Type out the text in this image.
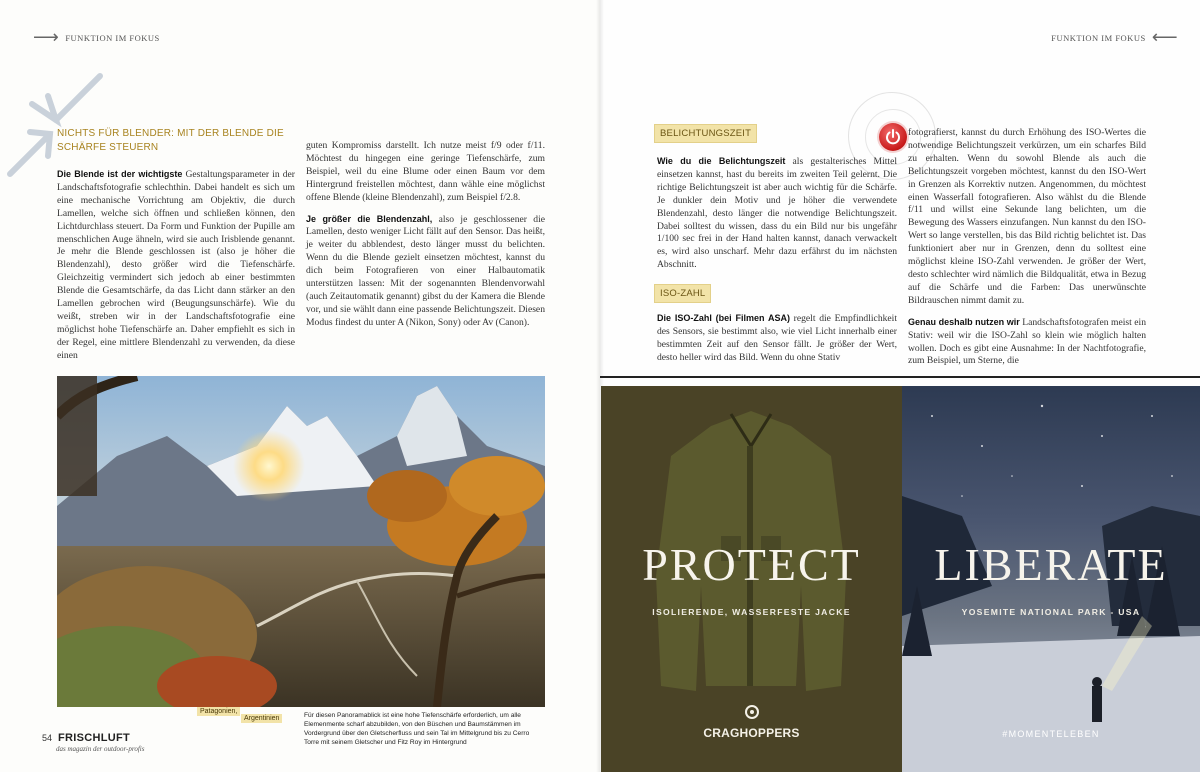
⟶ FUNKTION IM FOKUS
NICHTS FÜR BLENDER: MIT DER BLENDE DIE SCHÄRFE STEUERN

Die Blende ist der wichtigste Gestaltungsparameter in der Landschaftsfotografie schlechthin. Dabei handelt es sich um eine mechanische Vorrichtung am Objektiv, die durch Lamellen, welche sich öffnen und schließen können, den Lichtdurchlass steuert. Da Form und Funktion der Pupille am menschlichen Auge ähneln, wird sie auch Irisblende genannt. Je mehr die Blende geschlossen ist (also je höher die Blendenzahl), desto größer wird die Tiefenschärfe. Gleichzeitig vermindert sich jedoch ab einer bestimmten Blende die Gesamtschärfe, da das Licht dann stärker an den Lamellen gebrochen wird (Beugungsunschärfe). Wie du weißt, streben wir in der Landschaftsfotografie eine möglichst hohe Tiefenschärfe an. Daher empfiehlt es sich in der Regel, eine mittlere Blendenzahl zu verwenden, da diese einen

guten Kompromiss darstellt. Ich nutze meist f/9 oder f/11. Möchtest du hingegen eine geringe Tiefenschärfe, zum Beispiel, weil du eine Blume oder einen Baum vor dem Hintergrund freistellen möchtest, dann wähle eine möglichst offene Blende (kleine Blendenzahl), zum Beispiel f/2.8.

Je größer die Blendenzahl, also je geschlossener die Lamellen, desto weniger Licht fällt auf den Sensor. Das heißt, je weiter du abblendest, desto länger musst du belichten. Wenn du die Blende gezielt einsetzen möchtest, kannst du dich beim Fotografieren von einer Halbautomatik unterstützen lassen: Mit der sogenannten Blendenvorwahl (auch Zeitautomatik genannt) gibst du der Kamera die Blende vor, und sie wählt dann eine passende Belichtungszeit. Diesen Modus findest du unter A (Nikon, Sony) oder Av (Canon).

Patagonien,
Argentinien	Für diesen Panoramablick ist eine hohe Tiefenschärfe erforderlich, um alle Elemenmente scharf abzubilden, von den Büschen und Baumstämmen im Vordergrund über den Gletscherfluss und sein Tal im Mittelgrund bis zu Cerro Torre mit seinem Gletscher und Fitz Roy im Hintergrund
54 FRISCHLUFT
das magazin der outdoor-profis
FUNKTION IM FOKUS ⟵
BELICHTUNGSZEIT

Wie du die Belichtungszeit als gestalterisches Mittel einsetzen kannst, hast du bereits im zweiten Teil gelernt. Die richtige Belichtungszeit ist aber auch wichtig für die Schärfe. Je dunkler dein Motiv und je höher die verwendete Blendenzahl, desto länger die notwendige Belichtungszeit. Dabei solltest du wissen, dass du ein Bild nur bis ungefähr 1/100 sec frei in der Hand halten kannst, danach verwackelt es, wird also unscharf. Mehr dazu erfährst du im nächsten Abschnitt.

ISO-ZAHL

Die ISO-Zahl (bei Filmen ASA) regelt die Empfindlichkeit des Sensors, sie bestimmt also, wie viel Licht innerhalb einer bestimmten Zeit auf den Sensor fällt. Je größer der Wert, desto heller wird das Bild. Wenn du ohne Stativ

fotografierst, kannst du durch Erhöhung des ISO-Wertes die notwendige Belichtungszeit verkürzen, um ein scharfes Bild zu erhalten. Wenn du sowohl Blende als auch die Belichtungszeit vorgeben möchtest, kannst du den ISO-Wert in Grenzen als Korrektiv nutzen. Angenommen, du möchtest einen Wasserfall fotografieren. Also wählst du die Blende f/11 und willst eine Sekunde lang belichten, um die Bewegung des Wassers einzufangen. Nun kannst du den ISO-Wert so lange verstellen, bis das Bild richtig belichtet ist. Das funktioniert aber nur in Grenzen, denn du solltest eine möglichst kleine ISO-Zahl verwenden. Je größer der Wert, desto schlechter wird nämlich die Bildqualität, etwa in Bezug auf die Schärfe und die Farben: Das unerwünschte Bildrauschen nimmt damit zu.

Genau deshalb nutzen wir Landschaftsfotografen meist ein Stativ: weil wir die ISO-Zahl so klein wie möglich halten wollen. Doch es gibt eine Ausnahme: In der Nachtfotografie, zum Beispiel, um Sterne, die

PROTECT
ISOLIERENDE, WASSERFESTE JACKE
CRAGHOPPERS
LIBERATE
YOSEMITE NATIONAL PARK - USA
#MOMENTELEBEN
